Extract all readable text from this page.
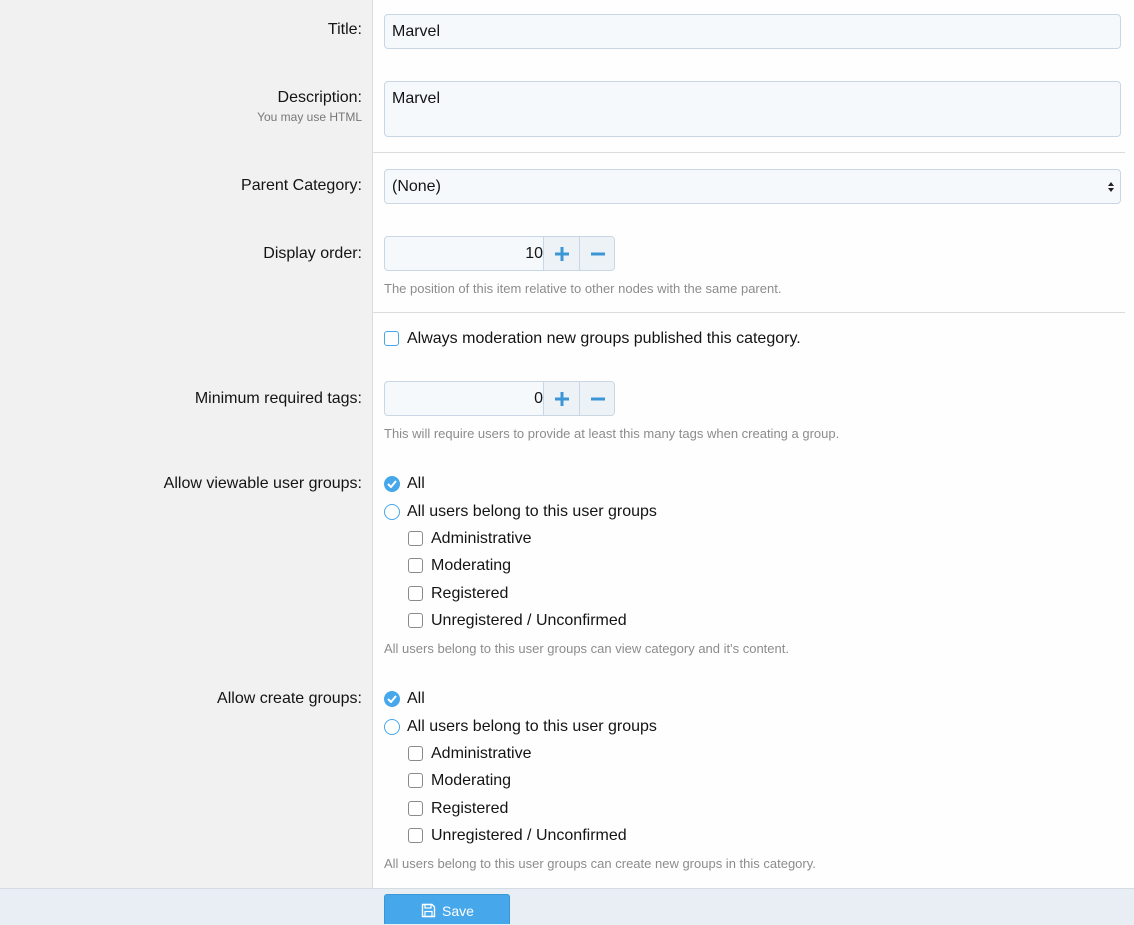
Title:	Marvel
Description:
You may use HTML
Marvel
Parent Category:	(None)
Display order:	10
The position of this item relative to other nodes with the same parent.
Always moderation new groups published this category.
Minimum required tags:	0
This will require users to provide at least this many tags when creating a group.
Allow viewable user groups:	All
All users belong to this user groups
Administrative
Moderating
Registered
Unregistered / Unconfirmed
All users belong to this user groups can view category and it's content.
Allow create groups:	All
All users belong to this user groups
Administrative
Moderating
Registered
Unregistered / Unconfirmed
All users belong to this user groups can create new groups in this category.
Save
